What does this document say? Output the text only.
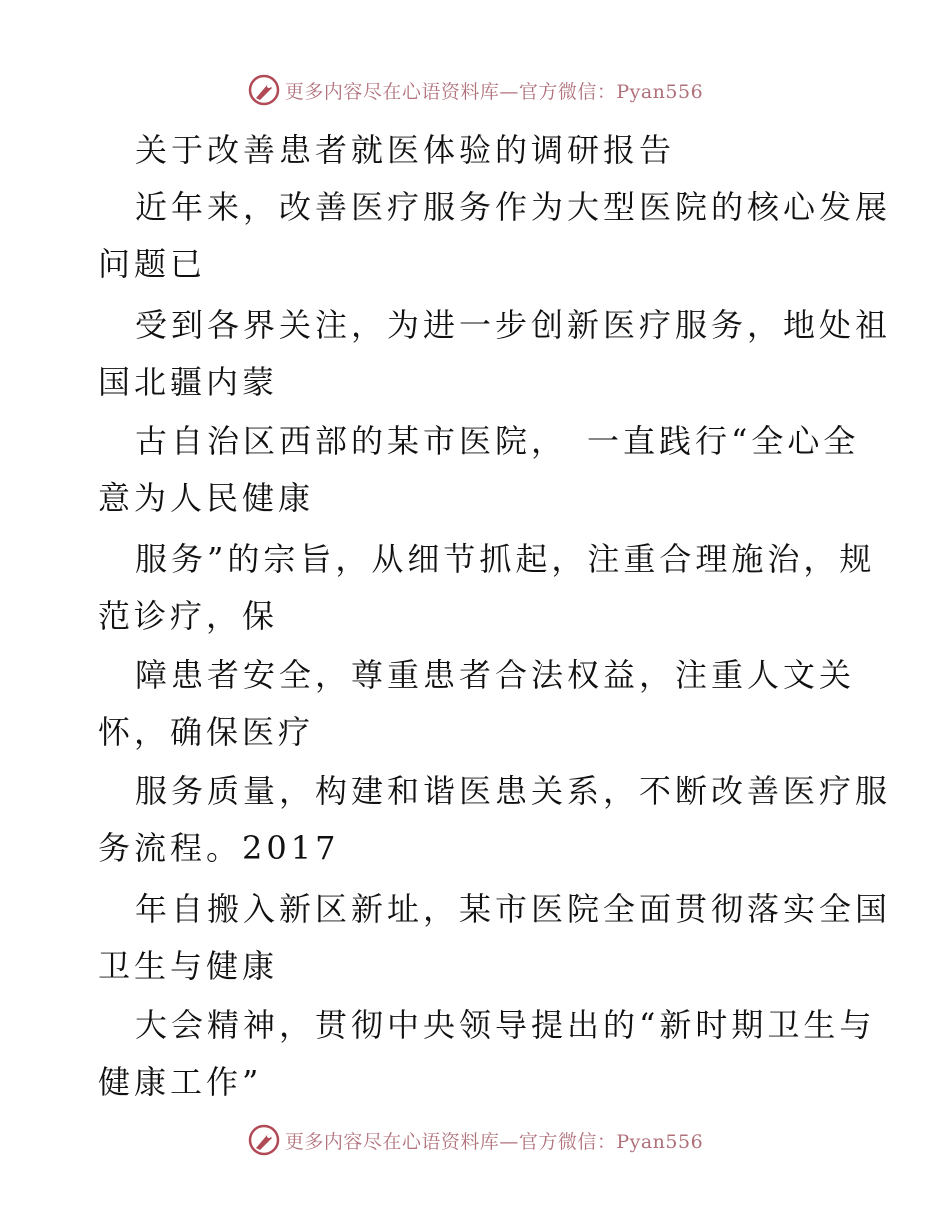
更多内容尽在心语资料库—官方微信：Pyan556
关于改善患者就医体验的调研报告
近年来，改善医疗服务作为大型医院的核心发展
问题已
受到各界关注，为进一步创新医疗服务，地处祖
国北疆内蒙
古自治区西部的某市医院，　一直践行“全心全
意为人民健康
服务”的宗旨，从细节抓起，注重合理施治，规
范诊疗，保
障患者安全，尊重患者合法权益，注重人文关
怀，确保医疗
服务质量，构建和谐医患关系，不断改善医疗服
务流程。2017
年自搬入新区新址，某市医院全面贯彻落实全国
卫生与健康
大会精神，贯彻中央领导提出的“新时期卫生与
健康工作”
更多内容尽在心语资料库—官方微信：Pyan556
